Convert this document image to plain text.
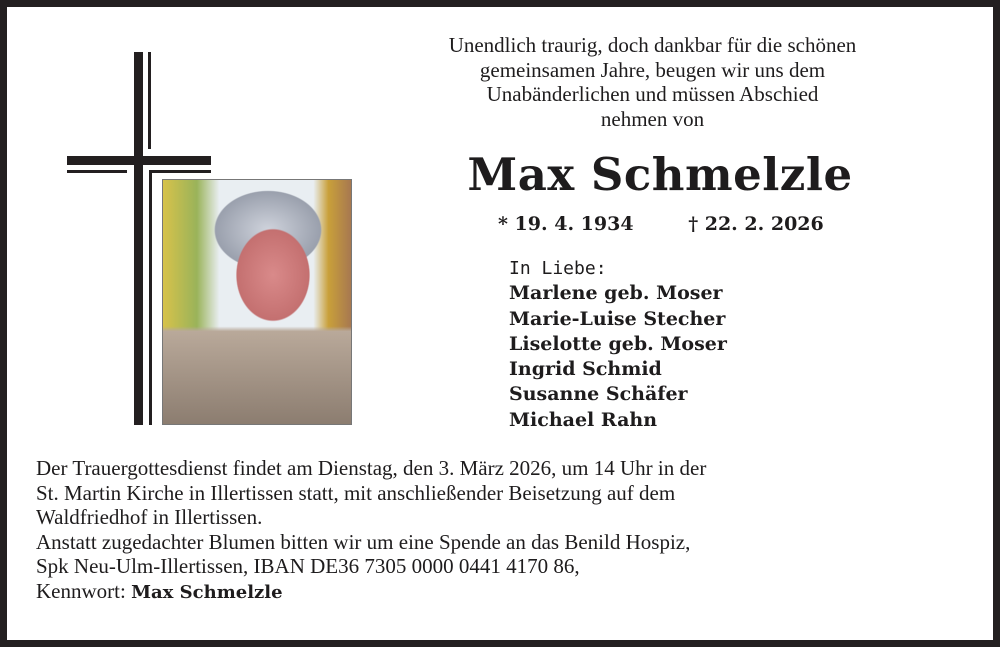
Unendlich traurig, doch dankbar für die schönen
gemeinsamen Jahre, beugen wir uns dem
Unabänderlichen und müssen Abschied
nehmen von
Max Schmelzle
* 19. 4. 1934	† 22. 2. 2026
In Liebe:
Marlene geb. Moser
Marie-Luise Stecher
Liselotte geb. Moser
Ingrid Schmid
Susanne Schäfer
Michael Rahn
Der Trauergottesdienst findet am Dienstag, den 3. März 2026, um 14 Uhr in der
St. Martin Kirche in Illertissen statt, mit anschließender Beisetzung auf dem
Waldfriedhof in Illertissen.
Anstatt zugedachter Blumen bitten wir um eine Spende an das Benild Hospiz,
Spk Neu-Ulm-Illertissen, IBAN DE36 7305 0000 0441 4170 86,
Kennwort: Max Schmelzle
